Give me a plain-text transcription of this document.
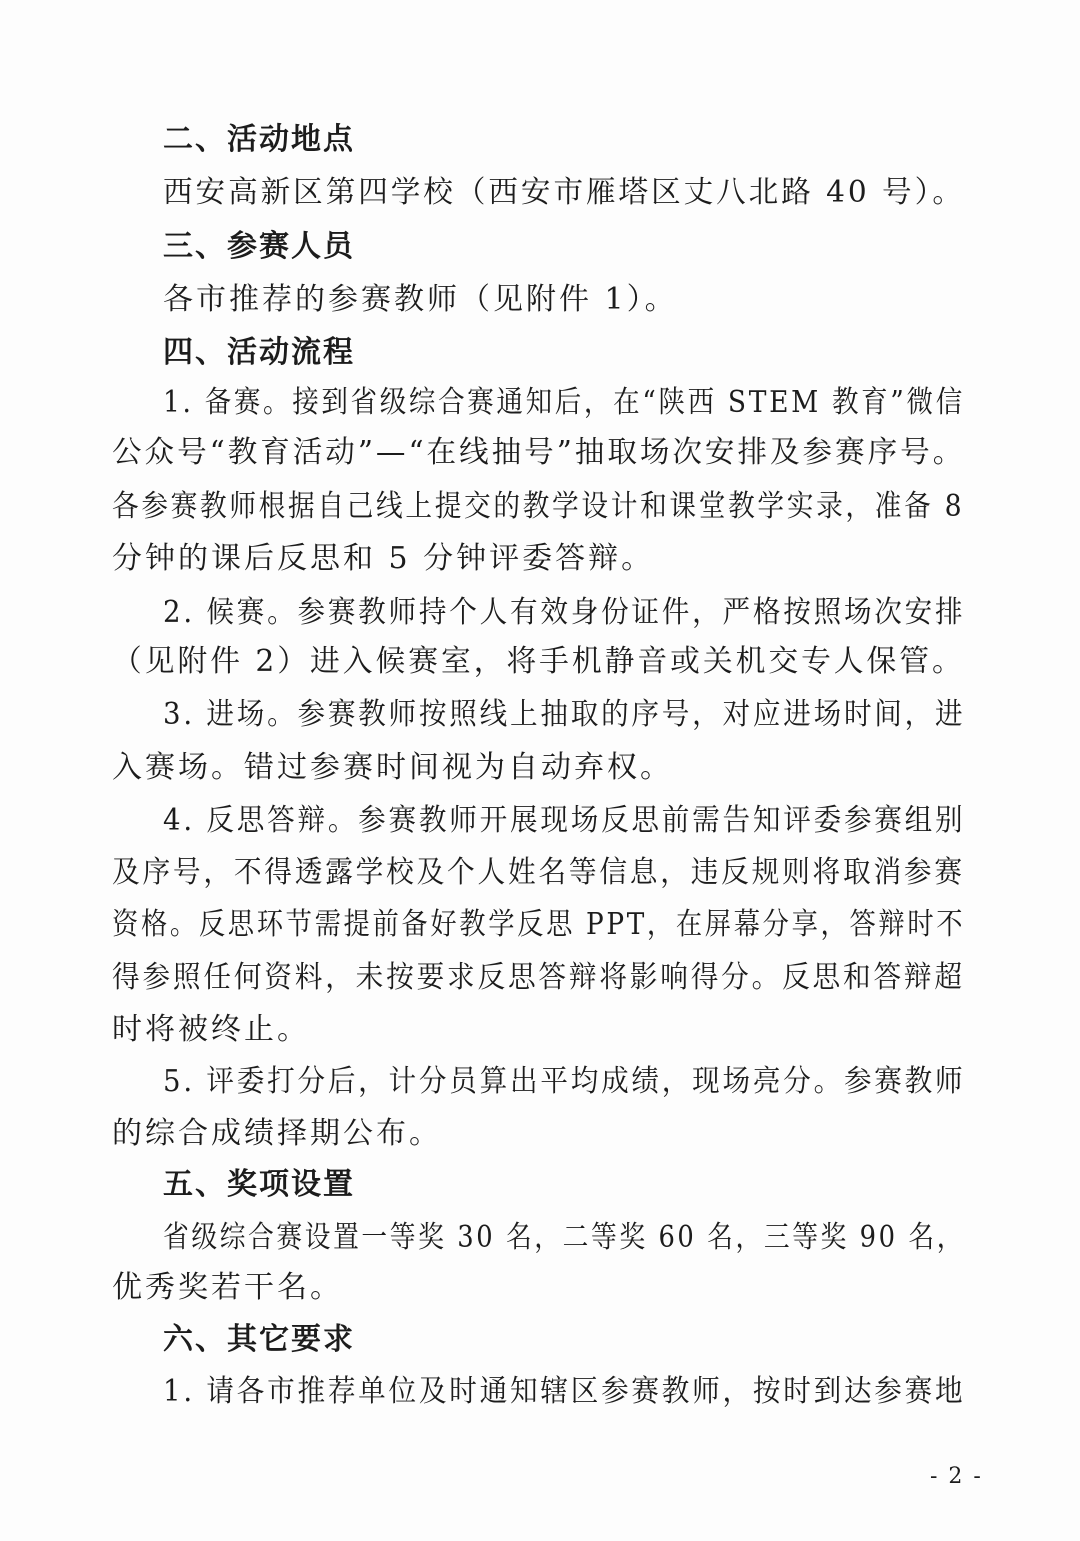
二、活动地点
西安高新区第四学校（西安市雁塔区丈八北路 40 号）。
三、参赛人员
各市推荐的参赛教师（见附件 1）。
四、活动流程
1. 备赛。接到省级综合赛通知后，在“陕西 STEM 教育”微信
公众号“教育活动”—“在线抽号”抽取场次安排及参赛序号。
各参赛教师根据自己线上提交的教学设计和课堂教学实录，准备 8
分钟的课后反思和 5 分钟评委答辩。
2. 候赛。参赛教师持个人有效身份证件，严格按照场次安排
（见附件 2）进入候赛室，将手机静音或关机交专人保管。
3. 进场。参赛教师按照线上抽取的序号，对应进场时间，进
入赛场。错过参赛时间视为自动弃权。
4. 反思答辩。参赛教师开展现场反思前需告知评委参赛组别
及序号，不得透露学校及个人姓名等信息，违反规则将取消参赛
资格。反思环节需提前备好教学反思 PPT，在屏幕分享，答辩时不
得参照任何资料，未按要求反思答辩将影响得分。反思和答辩超
时将被终止。
5. 评委打分后，计分员算出平均成绩，现场亮分。参赛教师
的综合成绩择期公布。
五、奖项设置
省级综合赛设置一等奖 30 名，二等奖 60 名，三等奖 90 名，
优秀奖若干名。
六、其它要求
1. 请各市推荐单位及时通知辖区参赛教师，按时到达参赛地
- 2 -
